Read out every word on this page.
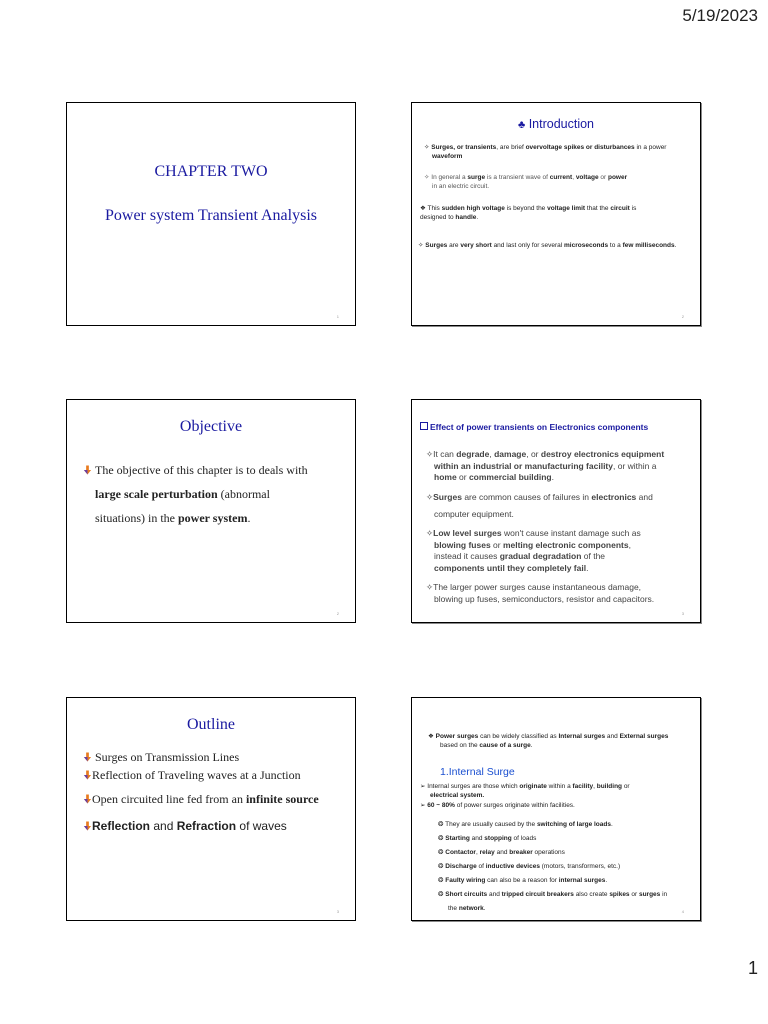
5/19/2023
CHAPTER TWO
Power system Transient Analysis
1
♣ Introduction
✧ Surges, or transients, are brief overvoltage spikes or disturbances in a power
waveform
✧ In general a surge is a transient wave of current, voltage or power
in an electric circuit.
❖ This sudden high voltage is beyond the voltage limit that the circuit is
designed to handle.
✧ Surges are very short and last only for several microseconds to a few milliseconds.
2
Objective
The objective of this chapter is to deals with
large scale perturbation (abnormal
situations) in the power system.
2
Effect of power transients on Electronics components
✧It can degrade, damage, or destroy electronics equipment
within an industrial or manufacturing facility, or within a
home or commercial building.
✧Surges are common causes of failures in electronics and
computer equipment.
✧Low level surges won't cause instant damage such as
blowing fuses or melting electronic components,
instead it causes gradual degradation of the
components until they completely fail.
✧The larger power surges cause instantaneous damage,
blowing up fuses, semiconductors, resistor and capacitors.
3
Outline
Surges on Transmission Lines
Reflection of Traveling waves at a Junction
Open circuited line fed from an infinite source
Reflection and Refraction of waves
3
❖ Power surges can be widely classified as Internal surges and External surges
based on the cause of a surge.
1.Internal Surge
➢ Internal surges are those which originate within a facility, building or
electrical system.
➢ 60 ~ 80% of power surges originate within facilities.
❂ They are usually caused by the switching of large loads.
❂ Starting and stopping of loads
❂ Contactor, relay and breaker operations
❂ Discharge of inductive devices (motors, transformers, etc.)
❂ Faulty wiring can also be a reason for internal surges.
❂ Short circuits and tripped circuit breakers also create spikes or surges in
the network.	4
1
